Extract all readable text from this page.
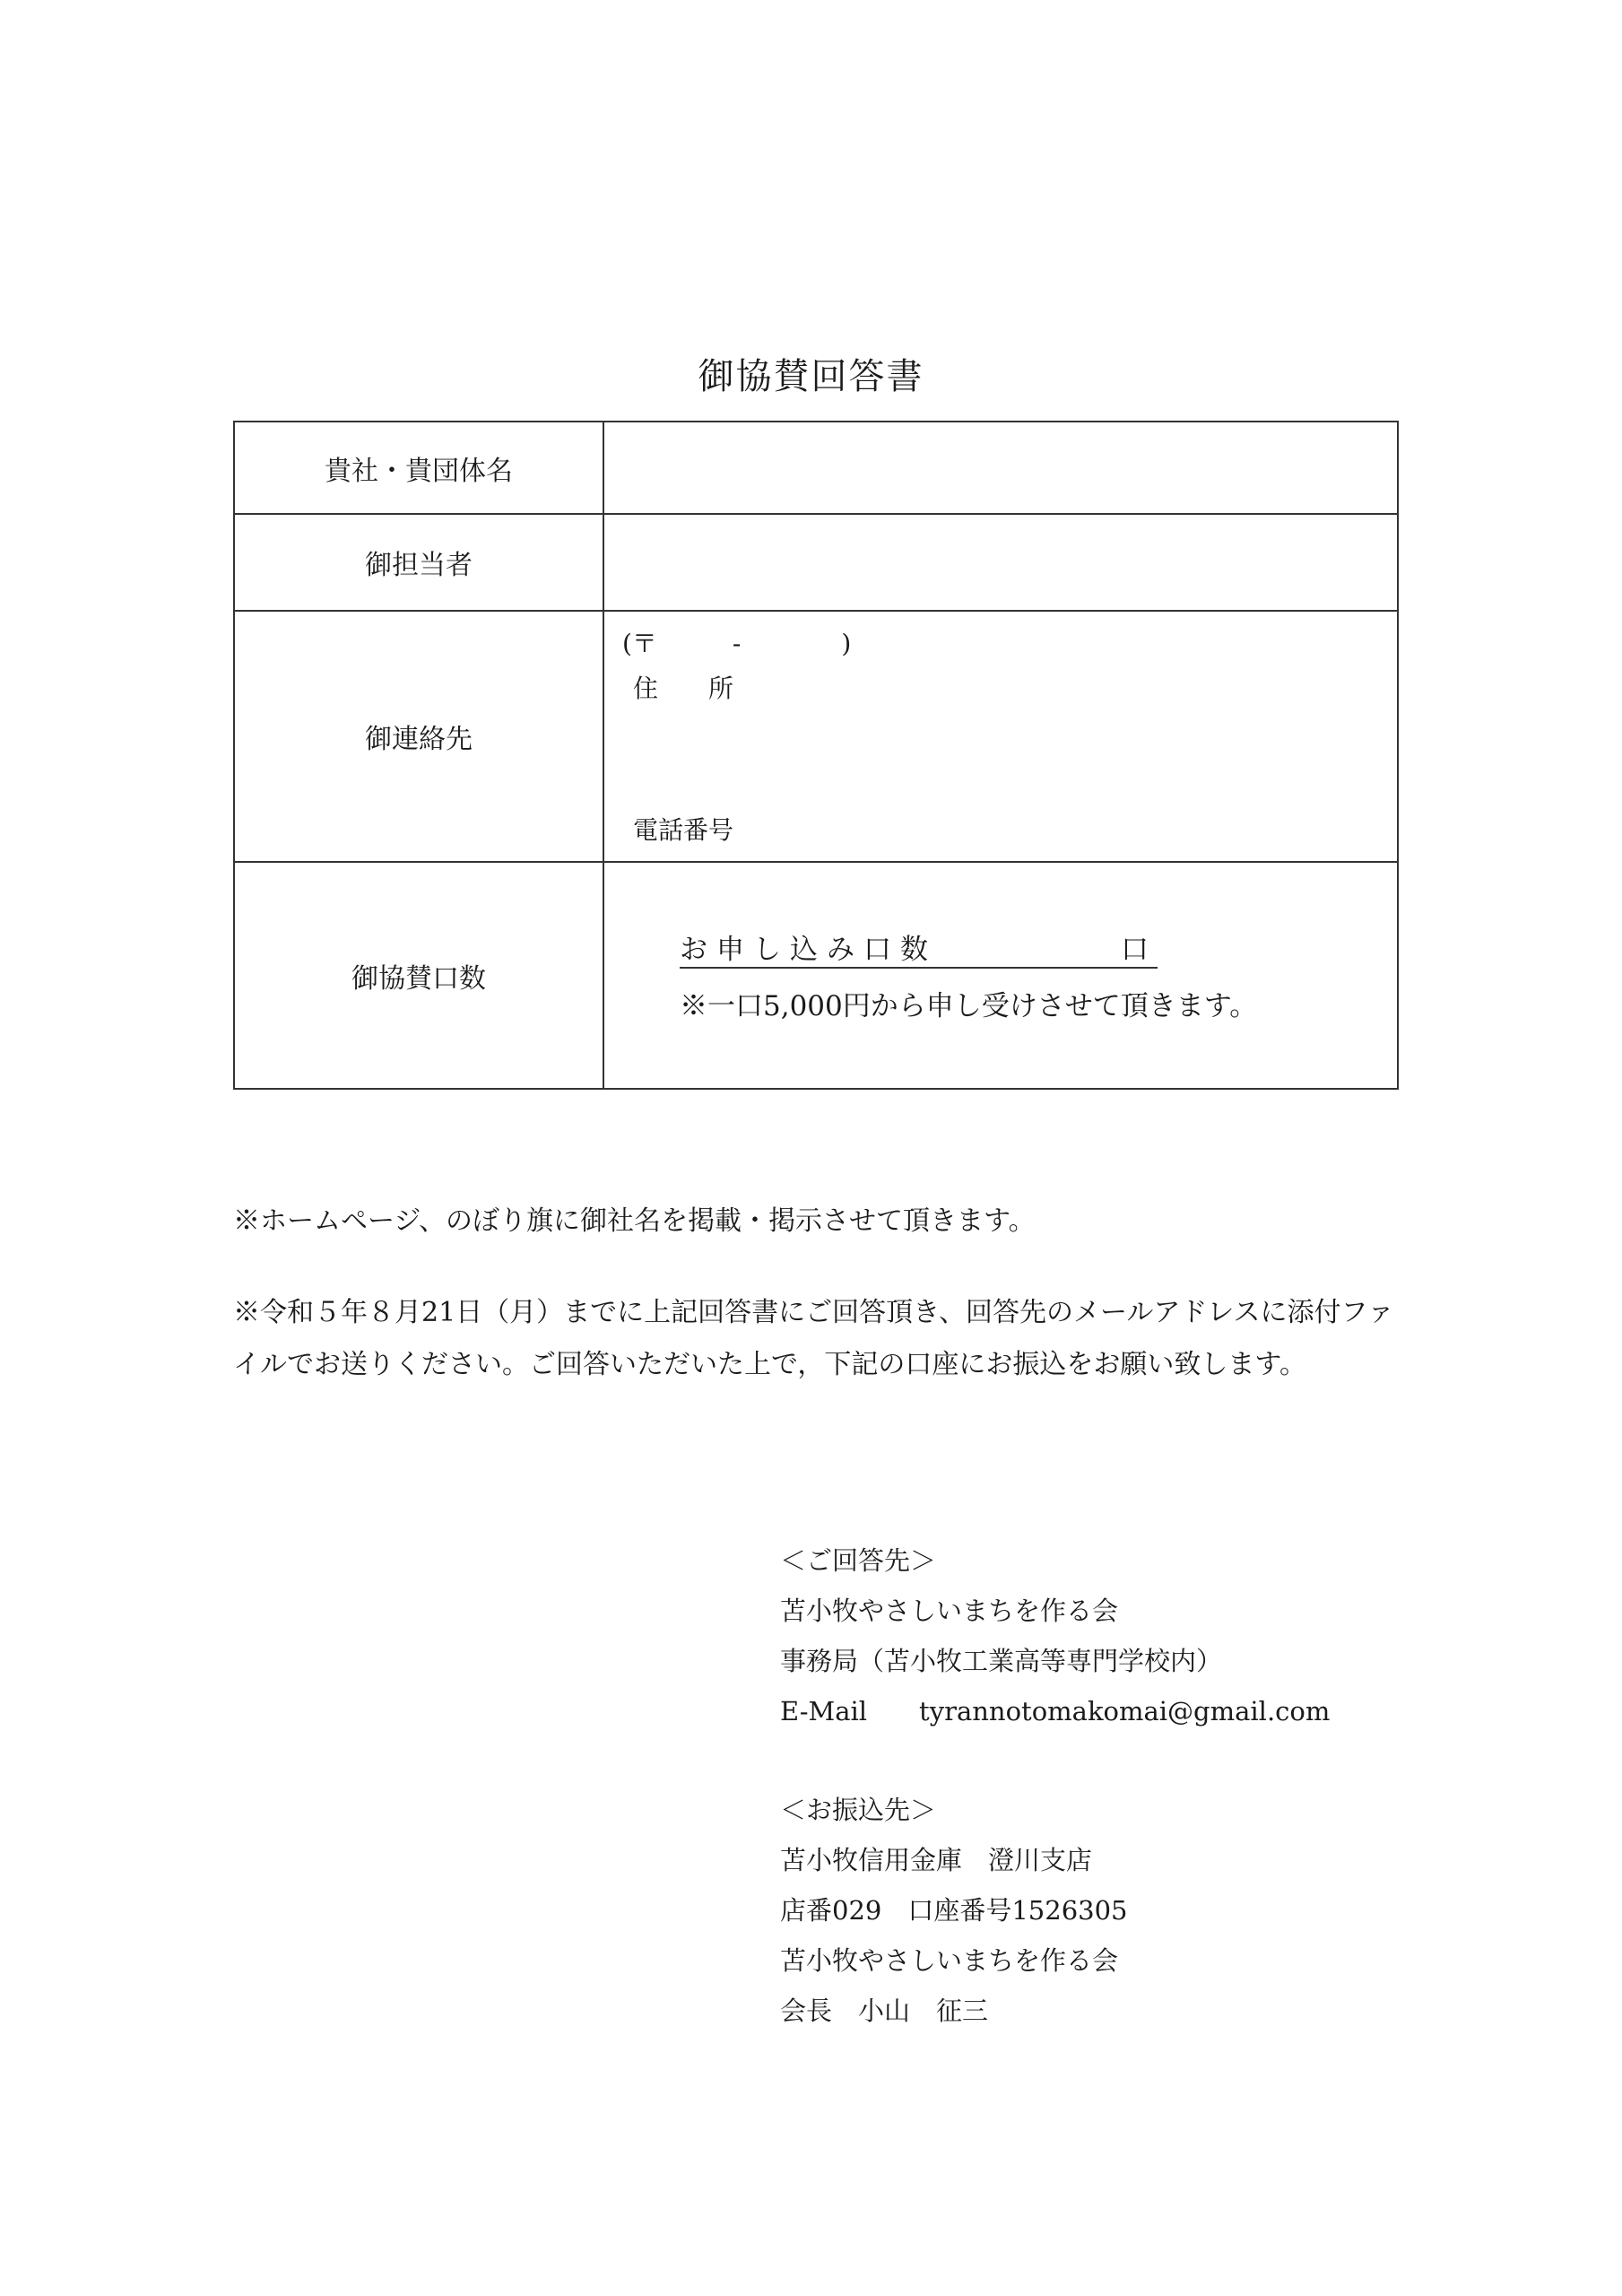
御協賛回答書
貴社・貴団体名	
御担当者	
御連絡先	(〒　　　-　　　　)
住　　所
電話番号

御協賛口数	お申し込み口数　　　　　口
※一口5,000円から申し受けさせて頂きます。
※ホームページ、のぼり旗に御社名を掲載・掲示させて頂きます。
※令和５年８月21日（月）までに上記回答書にご回答頂き、回答先のメールアドレスに添付ファイルでお送りください。ご回答いただいた上で，下記の口座にお振込をお願い致します。
＜ご回答先＞
苫小牧やさしいまちを作る会
事務局（苫小牧工業高等専門学校内）
E-Mail　　tyrannotomakomai@gmail.com
＜お振込先＞
苫小牧信用金庫　澄川支店
店番029　口座番号1526305
苫小牧やさしいまちを作る会
会長　小山　征三
